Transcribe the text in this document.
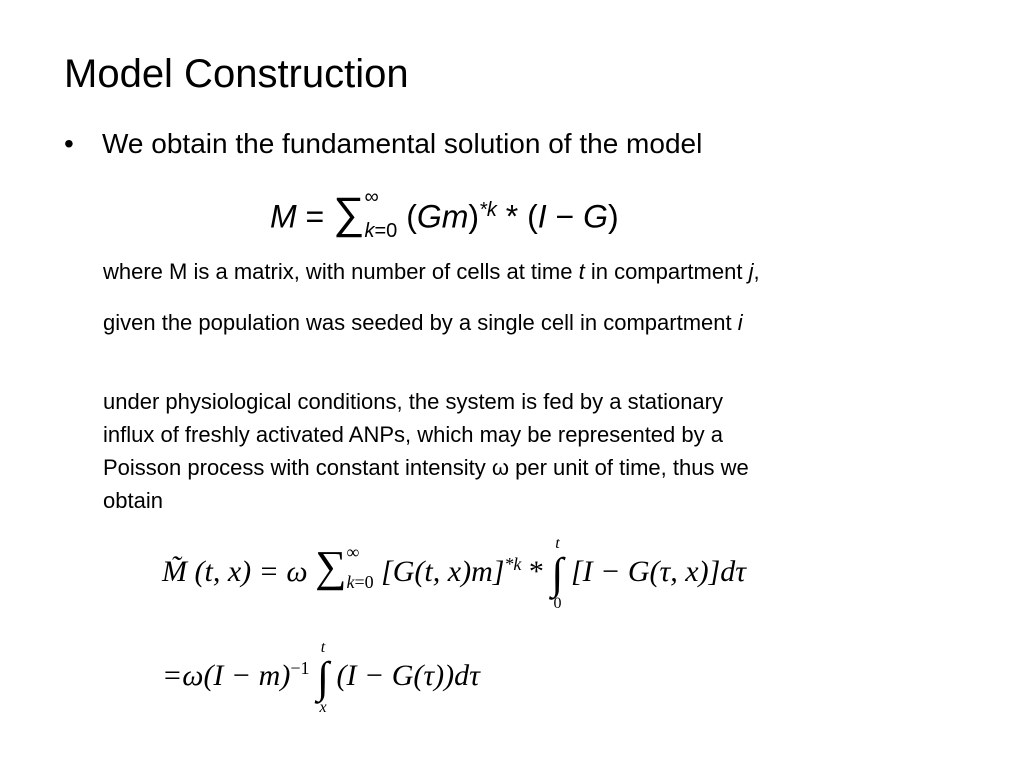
Model Construction
• We obtain the fundamental solution of the model
M = ∑ ∞
k=0 $(Gm)^{*k} * (I - G)$
where M is a matrix, with number of cells at time t in compartment j,
given the population was seeded by a single cell in compartment i
under physiological conditions, the system is fed by a stationary
influx of freshly activated ANPs, which may be represented by a
Poisson process with constant intensity ω per unit of time, thus we
obtain
M̃ (t, x) = ω ∑ ∞
k=0 [G(t, x)m]$^{*k}$ *
t
∫
0
[I − G(τ, x)]dτ
$=\omega(I - m)^{-1}$
t
∫
x
(I − G(τ))dτ
